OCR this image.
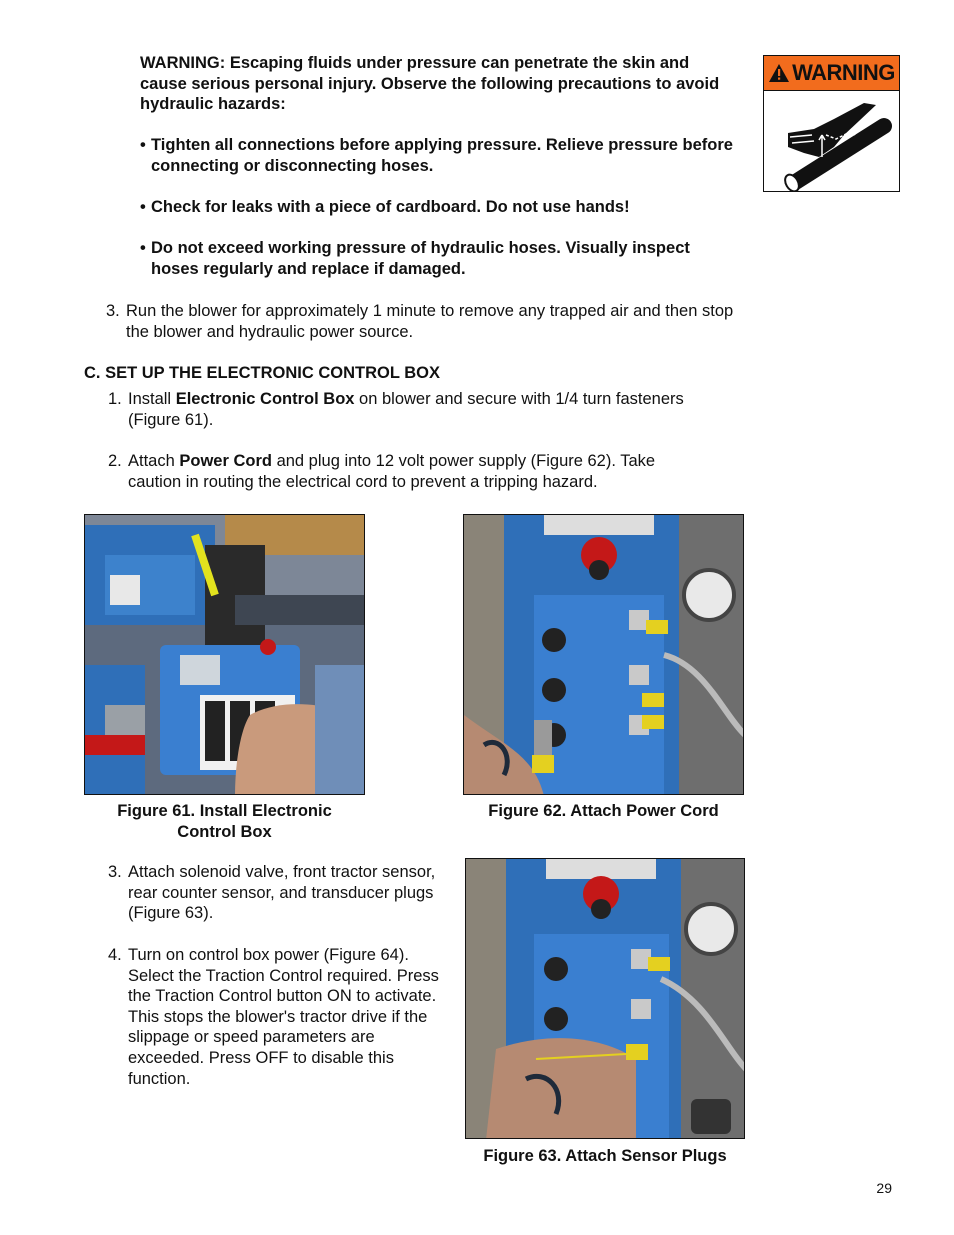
WARNING: Escaping fluids under pressure can penetrate the skin and cause serious personal injury. Observe the following precautions to avoid hydraulic hazards:

• Tighten all connections before applying pressure. Relieve pressure before connecting or disconnecting hoses.
• Check for leaks with a piece of cardboard. Do not use hands!
• Do not exceed working pressure of hydraulic hoses. Visually inspect hoses regularly and replace if damaged.
WARNING
3. Run the blower for approximately 1 minute to remove any trapped air and then stop the blower and hydraulic power source.
C. SET UP THE ELECTRONIC CONTROL BOX
1. Install Electronic Control Box on blower and secure with 1/4 turn fasteners (Figure 61).
2. Attach Power Cord and plug into 12 volt power supply (Figure 62). Take caution in routing the electrical cord to prevent a tripping hazard.
Figure 61. Install Electronic
Control Box
Figure 62. Attach Power Cord
3. Attach solenoid valve, front tractor sensor, rear counter sensor, and transducer plugs (Figure 63).
4. Turn on control box power (Figure 64). Select the Traction Control required. Press the Traction Control button ON to activate. This stops the blower's tractor drive if the slippage or speed parameters are exceeded. Press OFF to disable this function.
Figure 63. Attach Sensor Plugs
29
